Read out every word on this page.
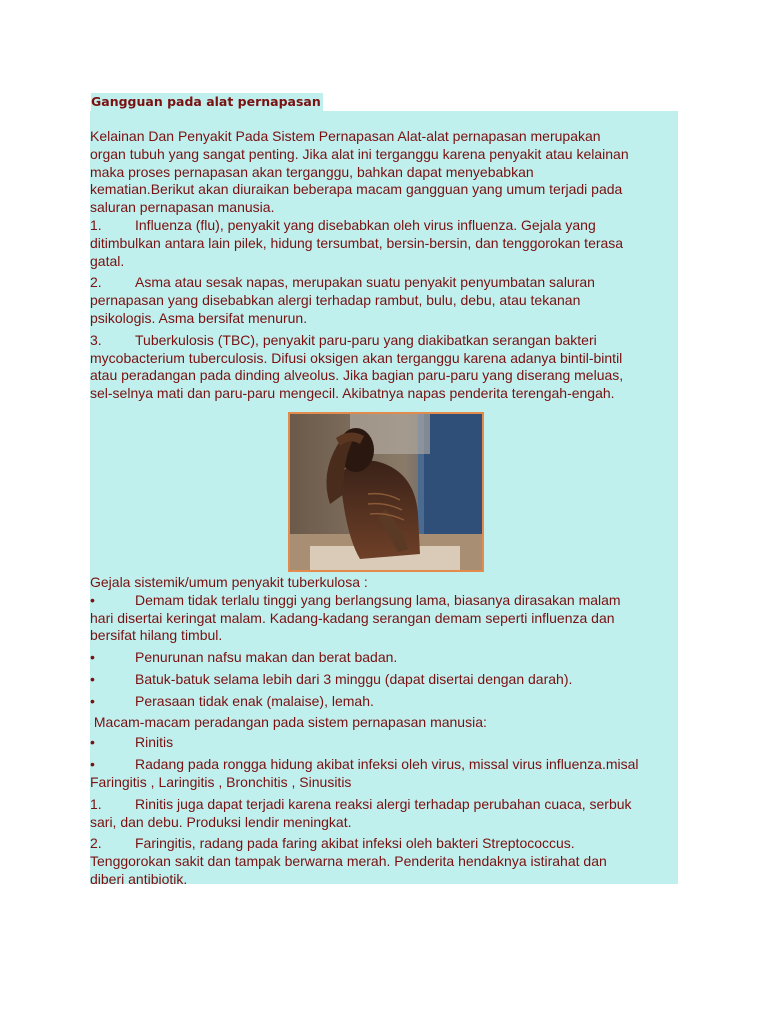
Gangguan pada alat pernapasan
Kelainan Dan Penyakit Pada Sistem Pernapasan Alat-alat pernapasan merupakan
organ tubuh yang sangat penting. Jika alat ini terganggu karena penyakit atau kelainan
maka proses pernapasan akan terganggu, bahkan dapat menyebabkan
kematian.Berikut akan diuraikan beberapa macam gangguan yang umum terjadi pada
saluran pernapasan manusia.
1. Influenza (flu), penyakit yang disebabkan oleh virus influenza. Gejala yang
ditimbulkan antara lain pilek, hidung tersumbat, bersin-bersin, dan tenggorokan terasa
gatal.
2. Asma atau sesak napas, merupakan suatu penyakit penyumbatan saluran
pernapasan yang disebabkan alergi terhadap rambut, bulu, debu, atau tekanan
psikologis. Asma bersifat menurun.
3. Tuberkulosis (TBC), penyakit paru-paru yang diakibatkan serangan bakteri
mycobacterium tuberculosis. Difusi oksigen akan terganggu karena adanya bintil-bintil
atau peradangan pada dinding alveolus. Jika bagian paru-paru yang diserang meluas,
sel-selnya mati dan paru-paru mengecil. Akibatnya napas penderita terengah-engah.
Gejala sistemik/umum penyakit tuberkulosa :
•	Demam tidak terlalu tinggi yang berlangsung lama, biasanya dirasakan malam
hari disertai keringat malam. Kadang-kadang serangan demam seperti influenza dan
bersifat hilang timbul.
•	Penurunan nafsu makan dan berat badan.
•	Batuk-batuk selama lebih dari 3 minggu (dapat disertai dengan darah).
•	Perasaan tidak enak (malaise), lemah.
Macam-macam peradangan pada sistem pernapasan manusia:
•	Rinitis
•	Radang pada rongga hidung akibat infeksi oleh virus, missal virus influenza.misal
Faringitis , Laringitis , Bronchitis , Sinusitis
1. Rinitis juga dapat terjadi karena reaksi alergi terhadap perubahan cuaca, serbuk
sari, dan debu. Produksi lendir meningkat.
2. Faringitis, radang pada faring akibat infeksi oleh bakteri Streptococcus.
Tenggorokan sakit dan tampak berwarna merah. Penderita hendaknya istirahat dan
diberi antibiotik.
